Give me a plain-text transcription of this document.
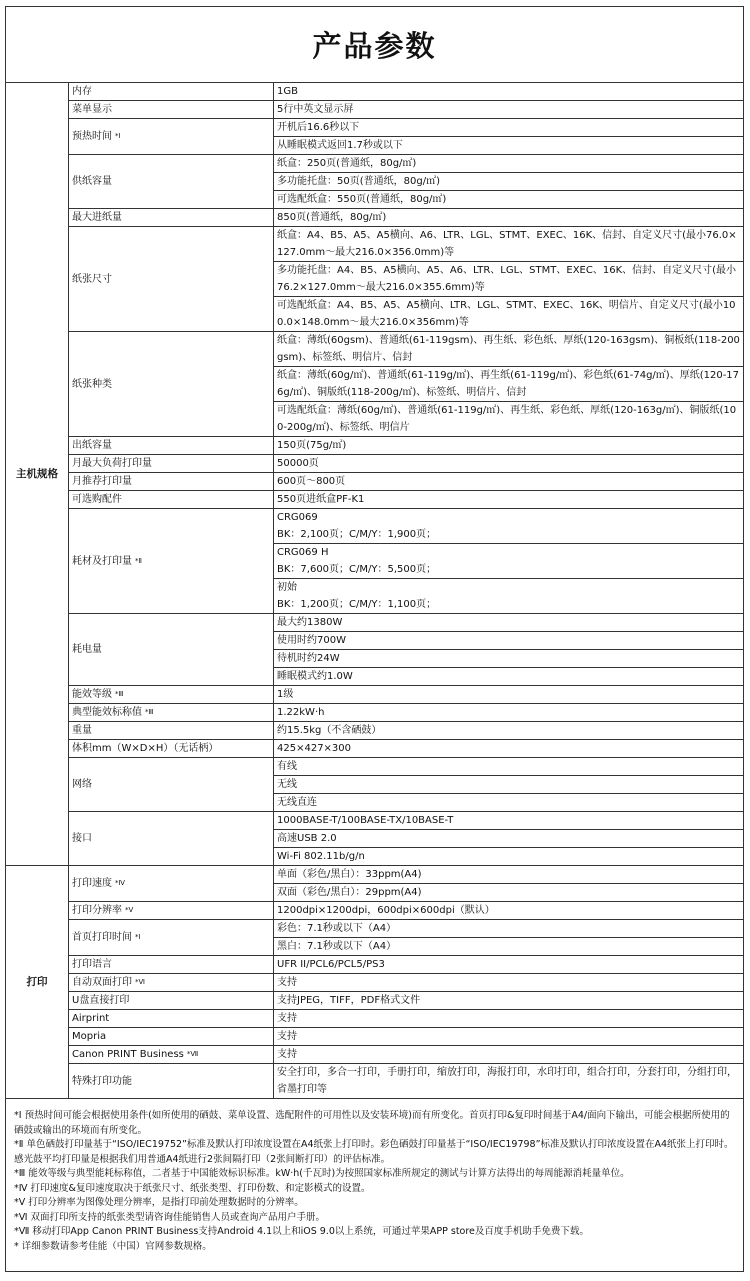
产品参数
主机规格	内存	1GB

	菜单显示	5行中英文显示屏

	预热时间 $^{*Ⅰ}$	开机后16.6秒以下

		从睡眠模式返回1.7秒或以下

	供纸容量	纸盒：250页(普通纸，80g/㎡)

		多功能托盘：50页(普通纸，80g/㎡)

		可选配纸盒：550页(普通纸，80g/㎡)

	最大进纸量	850页(普通纸，80g/㎡)

	纸张尺寸	纸盒：A4、B5、A5、A5横向、A6、LTR、LGL、STMT、EXEC、16K、信封、自定义尺寸(最小76.0×127.0mm～最大216.0×356.0mm)等

		多功能托盘：A4、B5、A5横向、A5、A6、LTR、LGL、STMT、EXEC、16K、信封、自定义尺寸(最小76.2×127.0mm～最大216.0×355.6mm)等

		可选配纸盒：A4、B5、A5、A5横向、LTR、LGL、STMT、EXEC、16K、明信片、自定义尺寸(最小100.0×148.0mm～最大216.0×356mm)等

	纸张种类	纸盒：薄纸(60gsm)、普通纸(61-119gsm)、再生纸、彩色纸、厚纸(120-163gsm)、铜板纸(118-200gsm)、标签纸、明信片、信封

		纸盒：薄纸(60g/㎡)、普通纸(61-119g/㎡)、再生纸(61-119g/㎡)、彩色纸(61-74g/㎡)、厚纸(120-176g/㎡)、铜版纸(118-200g/㎡)、标签纸、明信片、信封

		可选配纸盒：薄纸(60g/㎡)、普通纸(61-119g/㎡)、再生纸、彩色纸、厚纸(120-163g/㎡)、铜版纸(100-200g/㎡)、标签纸、明信片

	出纸容量	150页(75g/㎡)

	月最大负荷打印量	50000页

	月推荐打印量	600页～800页

	可选购配件	550页进纸盒PF-K1

	耗材及打印量 $^{*Ⅱ}$	CRG069
BK：2,100页；C/M/Y：1,900页；

		CRG069 H
BK：7,600页；C/M/Y：5,500页；

		初始
BK：1,200页；C/M/Y：1,100页；

	耗电量	最大约1380W

		使用时约700W

		待机时约24W

		睡眠模式约1.0W

	能效等级 $^{*Ⅲ}$	1级

	典型能效标称值 $^{*Ⅲ}$	1.22kW·h

	重量	约15.5kg（不含硒鼓）

	体积mm（W×D×H）（无话柄）	425×427×300

	网络	有线

		无线

		无线直连

	接口	1000BASE-T/100BASE-TX/10BASE-T

		高速USB 2.0

		Wi-Fi 802.11b/g/n

打印	打印速度 $^{*Ⅳ}$	单面（彩色/黑白）：33ppm(A4)

		双面（彩色/黑白）：29ppm(A4)

	打印分辨率 $^{*Ⅴ}$	1200dpi×1200dpi，600dpi×600dpi（默认）

	首页打印时间 $^{*Ⅰ}$	彩色：7.1秒或以下（A4）

		黑白：7.1秒或以下（A4）

	打印语言	UFR II/PCL6/PCL5/PS3

	自动双面打印 $^{*Ⅵ}$	支持

	U盘直接打印	支持JPEG，TIFF，PDF格式文件

	Airprint	支持

	Mopria	支持

	Canon PRINT Business $^{*Ⅶ}$	支持

	特殊打印功能	安全打印，多合一打印，手册打印，缩放打印，海报打印，水印打印，组合打印，分套打印，分组打印，省墨打印等

*Ⅰ 预热时间可能会根据使用条件(如所使用的硒鼓、菜单设置、选配附件的可用性以及安装环境)而有所变化。首页打印&复印时间基于A4/面向下输出，可能会根据所使用的硒鼓或输出的环境而有所变化。

*Ⅱ 单色硒鼓打印量基于“ISO/IEC19752”标准及默认打印浓度设置在A4纸张上打印时。彩色硒鼓打印量基于“ISO/IEC19798”标准及默认打印浓度设置在A4纸张上打印时。感光鼓平均打印量是根据我们用普通A4纸进行2张间隔打印（2张间断打印）的评估标准。

*Ⅲ 能效等级与典型能耗标称值，二者基于中国能效标识标准。kW·h(千瓦时)为按照国家标准所规定的测试与计算方法得出的每周能源消耗量单位。

*Ⅳ 打印速度&复印速度取决于纸张尺寸、纸张类型、打印份数、和定影模式的设置。

*Ⅴ 打印分辨率为图像处理分辨率，是指打印前处理数据时的分辨率。

*Ⅵ 双面打印所支持的纸张类型请咨询佳能销售人员或查询产品用户手册。

*Ⅶ 移动打印App Canon PRINT Business支持Android 4.1以上和iOS 9.0以上系统，可通过苹果APP store及百度手机助手免费下载。

* 详细参数请参考佳能（中国）官网参数规格。
